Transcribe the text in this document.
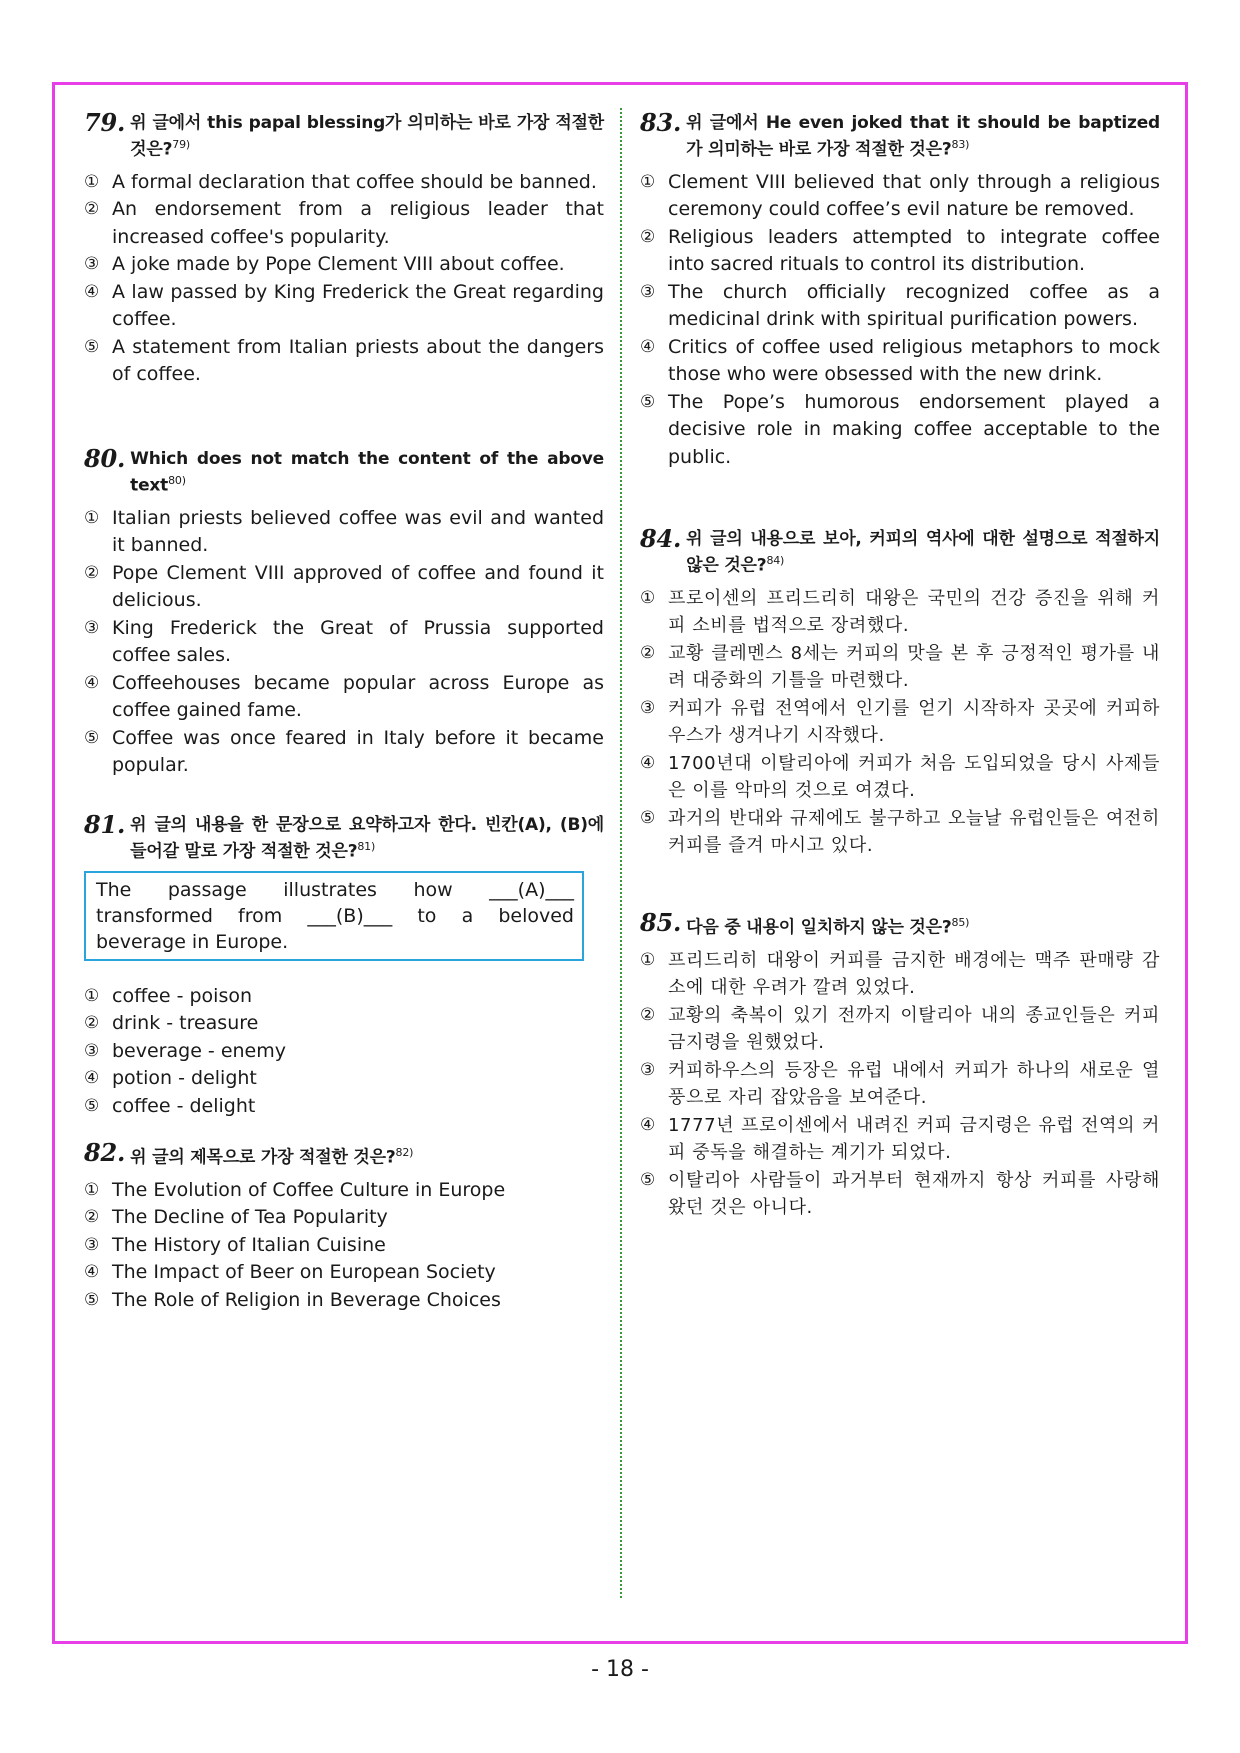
79. 위 글에서 this papal blessing가 의미하는 바로 가장 적절한 것은?$^{79)}$
① A formal declaration that coffee should be banned.
② An endorsement from a religious leader that increased coffee's popularity.
③ A joke made by Pope Clement VIII about coffee.
④ A law passed by King Frederick the Great regarding coffee.
⑤ A statement from Italian priests about the dangers of coffee.
80. Which does not match the content of the above text$^{80)}$
① Italian priests believed coffee was evil and wanted it banned.
② Pope Clement VIII approved of coffee and found it delicious.
③ King Frederick the Great of Prussia supported coffee sales.
④ Coffeehouses became popular across Europe as coffee gained fame.
⑤ Coffee was once feared in Italy before it became popular.
81. 위 글의 내용을 한 문장으로 요약하고자 한다. 빈칸(A), (B)에 들어갈 말로 가장 적절한 것은?$^{81)}$
The passage illustrates how ___(A)___ transformed from ___(B)___ to a beloved beverage in Europe.
① coffee - poison
② drink - treasure
③ beverage - enemy
④ potion - delight
⑤ coffee - delight
82. 위 글의 제목으로 가장 적절한 것은?$^{82)}$
① The Evolution of Coffee Culture in Europe
② The Decline of Tea Popularity
③ The History of Italian Cuisine
④ The Impact of Beer on European Society
⑤ The Role of Religion in Beverage Choices
83. 위 글에서 He even joked that it should be baptized 가 의미하는 바로 가장 적절한 것은?$^{83)}$
① Clement VIII believed that only through a religious ceremony could coffee’s evil nature be removed.
② Religious leaders attempted to integrate coffee into sacred rituals to control its distribution.
③ The church officially recognized coffee as a medicinal drink with spiritual purification powers.
④ Critics of coffee used religious metaphors to mock those who were obsessed with the new drink.
⑤ The Pope’s humorous endorsement played a decisive role in making coffee acceptable to the public.
84. 위 글의 내용으로 보아, 커피의 역사에 대한 설명으로 적절하지 않은 것은?$^{84)}$
① 프로이센의 프리드리히 대왕은 국민의 건강 증진을 위해 커피 소비를 법적으로 장려했다.
② 교황 클레멘스 8세는 커피의 맛을 본 후 긍정적인 평가를 내려 대중화의 기틀을 마련했다.
③ 커피가 유럽 전역에서 인기를 얻기 시작하자 곳곳에 커피하우스가 생겨나기 시작했다.
④ 1700년대 이탈리아에 커피가 처음 도입되었을 당시 사제들은 이를 악마의 것으로 여겼다.
⑤ 과거의 반대와 규제에도 불구하고 오늘날 유럽인들은 여전히 커피를 즐겨 마시고 있다.
85. 다음 중 내용이 일치하지 않는 것은?$^{85)}$
① 프리드리히 대왕이 커피를 금지한 배경에는 맥주 판매량 감소에 대한 우려가 깔려 있었다.
② 교황의 축복이 있기 전까지 이탈리아 내의 종교인들은 커피 금지령을 원했었다.
③ 커피하우스의 등장은 유럽 내에서 커피가 하나의 새로운 열풍으로 자리 잡았음을 보여준다.
④ 1777년 프로이센에서 내려진 커피 금지령은 유럽 전역의 커피 중독을 해결하는 계기가 되었다.
⑤ 이탈리아 사람들이 과거부터 현재까지 항상 커피를 사랑해 왔던 것은 아니다.
- 18 -
